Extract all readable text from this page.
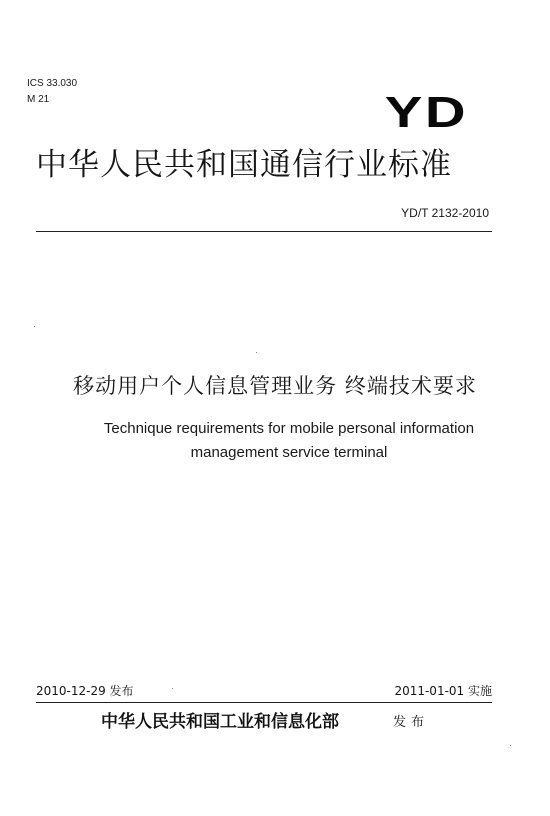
ICS 33.030
M 21	YD
中华人民共和国通信行业标准
YD/T 2132-2010
移动用户个人信息管理业务 终端技术要求
Technique requirements for mobile personal information
management service terminal
2010-12-29 发布	2011-01-01 实施
中华人民共和国工业和信息化部	发布
